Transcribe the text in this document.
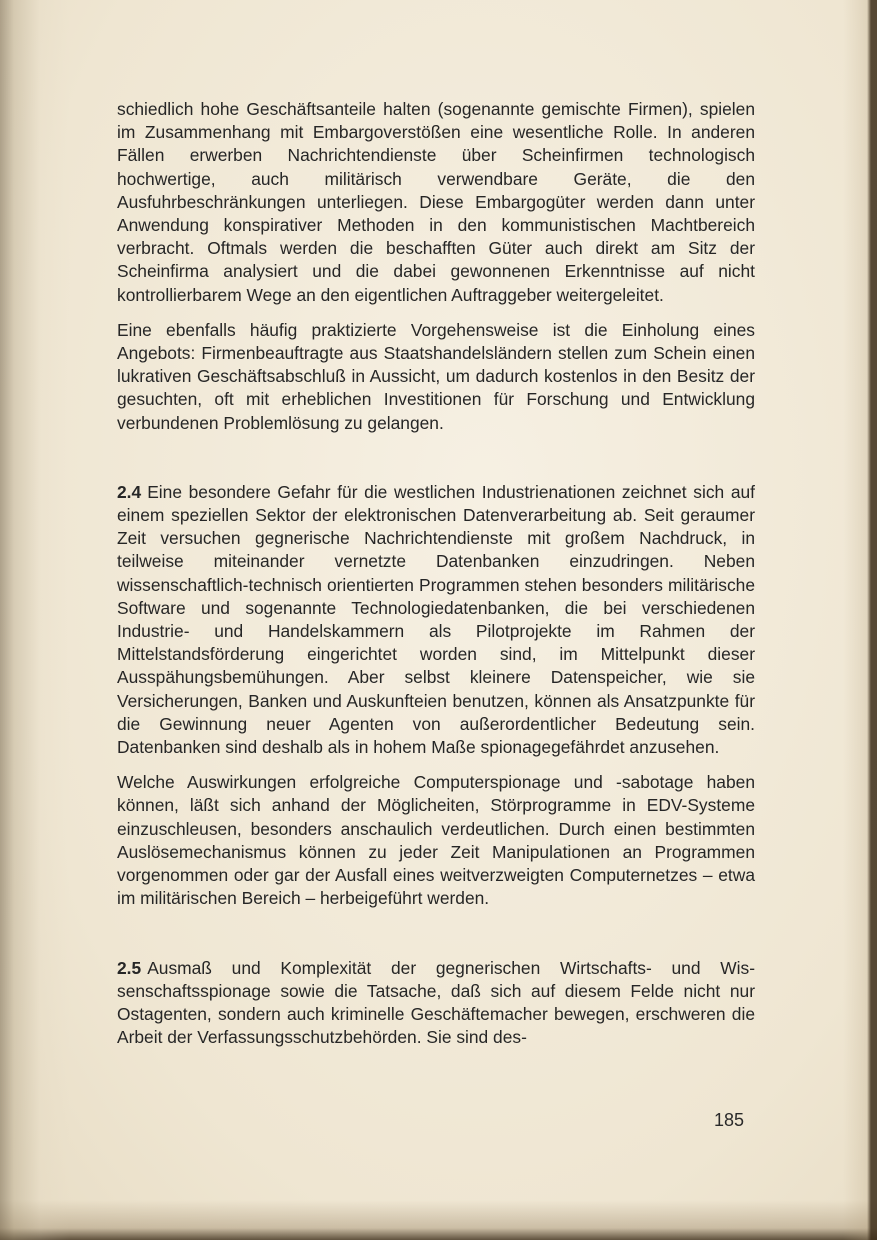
schiedlich hohe Geschäftsanteile halten (sogenannte gemischte Firmen), spielen im Zusammenhang mit Embargoverstößen eine wesentliche Rolle. In anderen Fällen erwerben Nachrichtendienste über Scheinfirmen technologisch hochwertige, auch militärisch verwendbare Geräte, die den Ausfuhrbeschränkungen unterliegen. Diese Embargogüter werden dann unter Anwendung konspirativer Methoden in den kommunistischen Machtbereich verbracht. Oftmals werden die beschafften Güter auch direkt am Sitz der Scheinfirma analysiert und die dabei gewonnenen Erkenntnisse auf nicht kontrollierbarem Wege an den eigentlichen Auftraggeber weitergeleitet.

Eine ebenfalls häufig praktizierte Vorgehensweise ist die Einholung eines Angebots: Firmenbeauftragte aus Staatshandelsländern stellen zum Schein einen lukrativen Geschäftsabschluß in Aussicht, um dadurch kostenlos in den Besitz der gesuchten, oft mit erheblichen Investitionen für Forschung und Entwicklung verbundenen Problemlösung zu gelangen.

2.4 Eine besondere Gefahr für die westlichen Industrienationen zeichnet sich auf einem speziellen Sektor der elektronischen Datenverarbeitung ab. Seit geraumer Zeit versuchen gegnerische Nachrichtendienste mit großem Nachdruck, in teilweise miteinander vernetzte Datenbanken einzudringen. Neben wissenschaftlich-technisch orientierten Programmen stehen besonders militärische Software und sogenannte Technologiedatenbanken, die bei verschiedenen Industrie- und Handelskammern als Pilotprojekte im Rahmen der Mittelstandsförderung eingerichtet worden sind, im Mittelpunkt dieser Ausspähungsbemühungen. Aber selbst kleinere Datenspeicher, wie sie Versicherungen, Banken und Auskunfteien benutzen, können als Ansatzpunkte für die Gewinnung neuer Agenten von außerordentlicher Bedeutung sein. Datenbanken sind deshalb als in hohem Maße spionagegefährdet anzusehen.

Welche Auswirkungen erfolgreiche Computerspionage und -sabotage haben können, läßt sich anhand der Möglicheiten, Störprogramme in EDV-Systeme einzuschleusen, besonders anschaulich verdeutlichen. Durch einen bestimmten Auslösemechanismus können zu jeder Zeit Manipulationen an Programmen vorgenommen oder gar der Ausfall eines weitverzweigten Computernetzes – etwa im militärischen Bereich – herbeigeführt werden.

2.5 Ausmaß und Komplexität der gegnerischen Wirtschafts- und Wissenschaftsspionage sowie die Tatsache, daß sich auf diesem Felde nicht nur Ostagenten, sondern auch kriminelle Geschäftemacher bewegen, erschweren die Arbeit der Verfassungsschutzbehörden. Sie sind des-

185
